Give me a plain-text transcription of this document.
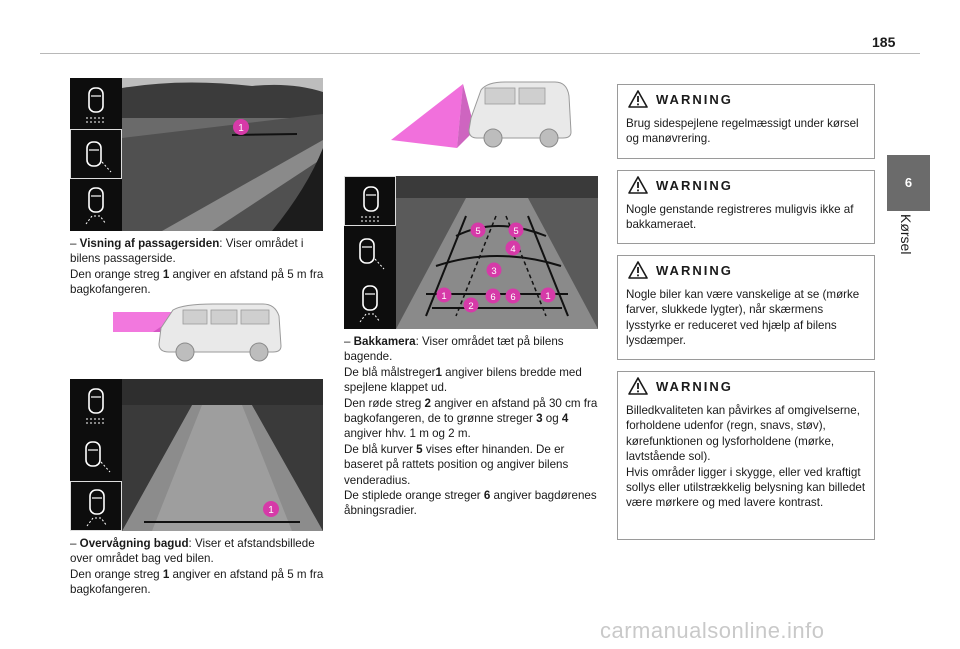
185
6
Kørsel
1
– Visning af passagersiden: Viser området i bilens passagerside.
Den orange streg 1 angiver en afstand på 5 m fra bagkofangeren.
1
– Overvågning bagud: Viser et afstandsbillede over området bag ved bilen.
Den orange streg 1 angiver en afstand på 5 m fra bagkofangeren.
5	5
4
3
1
2
6 6	1
– Bakkamera: Viser området tæt på bilens bagende.
De blå målstreger1 angiver bilens bredde med spejlene klappet ud.
Den røde streg 2 angiver en afstand på 30 cm fra bagkofangeren, de to grønne streger 3 og 4 angiver hhv. 1 m og 2 m.
De blå kurver 5 vises efter hinanden. De er baseret på rattets position og angiver bilens venderadius.
De stiplede orange streger 6 angiver bagdørenes åbningsradier.
WARNING
Brug sidespejlene regelmæssigt under kørsel og manøvrering.
WARNING
Nogle genstande registreres muligvis ikke af bakkameraet.
WARNING
Nogle biler kan være vanskelige at se (mørke farver, slukkede lygter), når skærmens lysstyrke er reduceret ved hjælp af bilens lysdæmper.
WARNING
Billedkvaliteten kan påvirkes af omgivelserne, forholdene udenfor (regn, snavs, støv), kørefunktionen og lysforholdene (mørke, lavtstående sol).
Hvis områder ligger i skygge, eller ved kraftigt sollys eller utilstrækkelig belysning kan billedet være mørkere og med lavere kontrast.
carmanualsonline.info
